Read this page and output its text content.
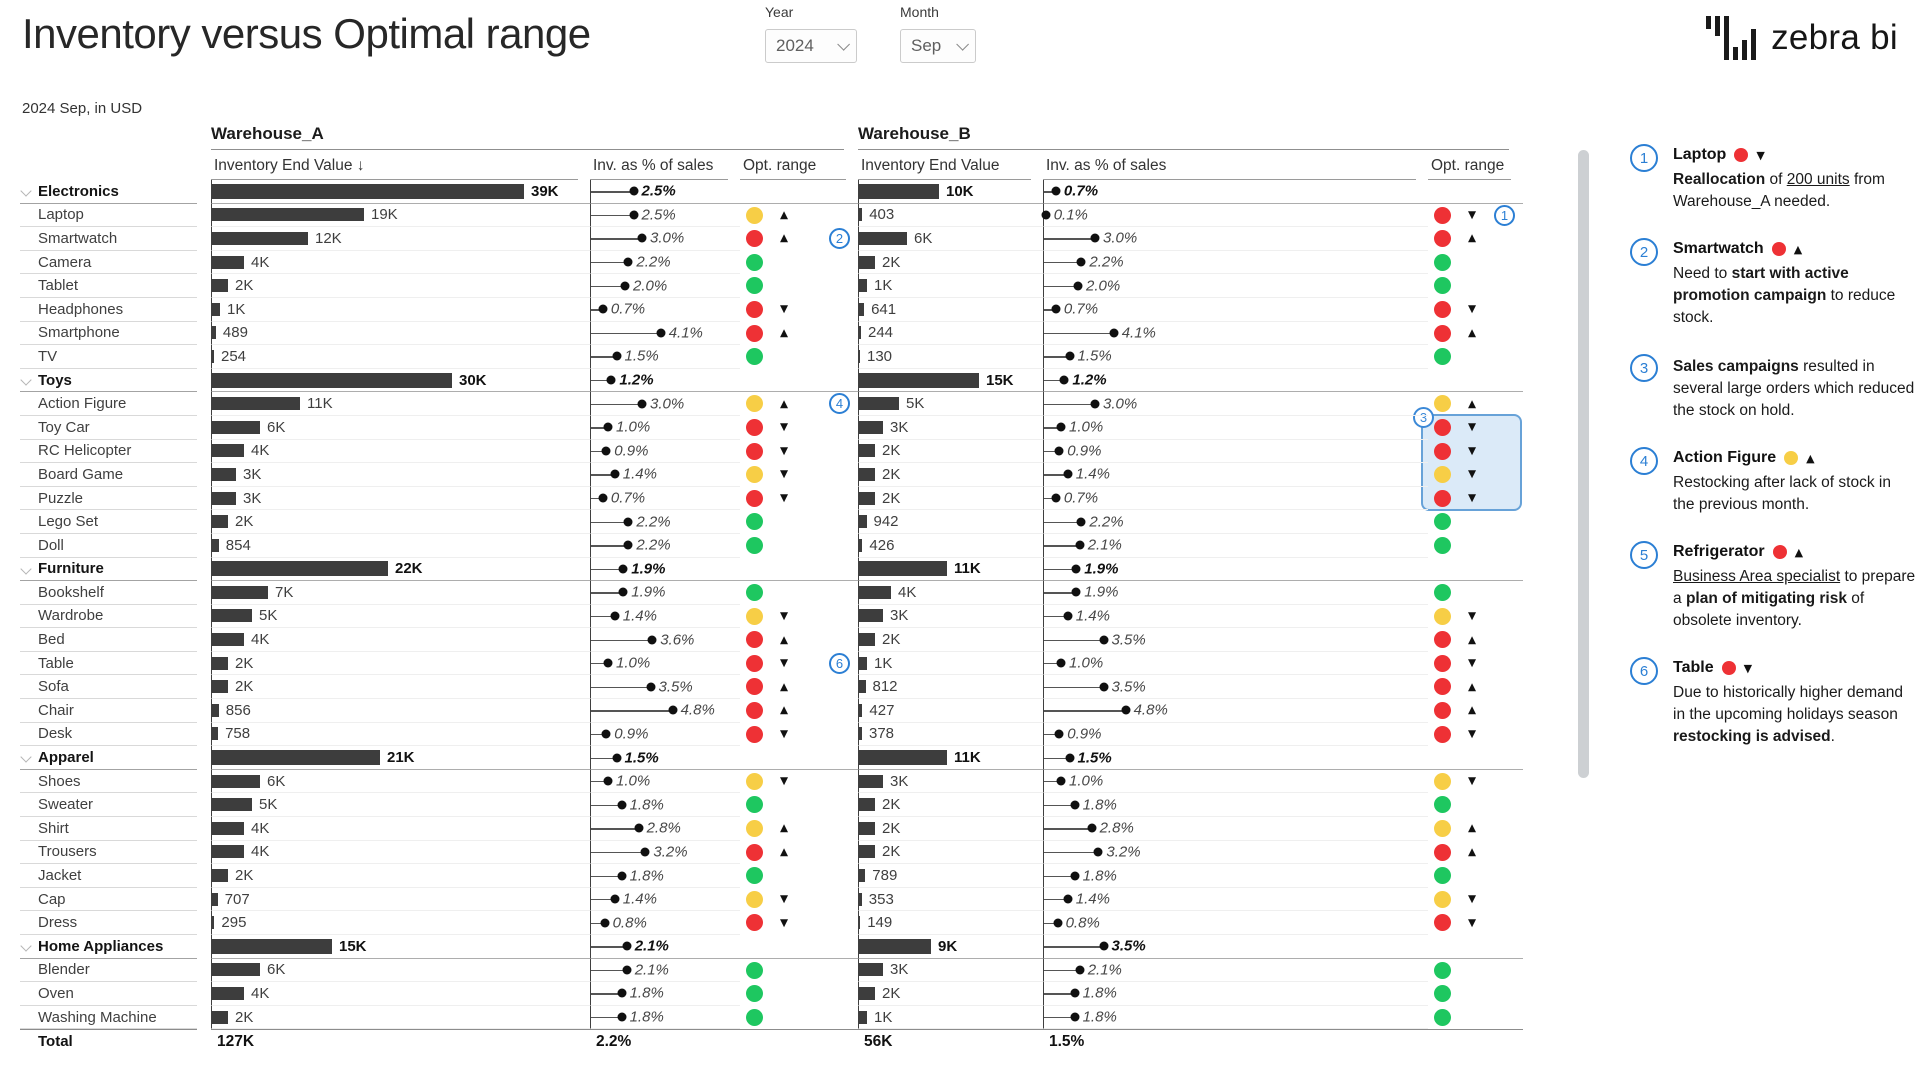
Inventory versus Optimal range
2024 Sep, in USD
Year
2024
Month
Sep	zebra bi
Warehouse_A
Inventory End Value ↓	Inv. as % of sales	Opt. range
Warehouse_B
Inventory End Value	Inv. as % of sales	Opt. range
3
Electronics	39K	2.5%	10K	0.7%
Laptop	19K	2.5%	▲	403	0.1%	▼	1
Smartwatch	12K	3.0%	▲	2	6K	3.0%	▲
Camera	4K	2.2%	2K	2.2%
Tablet	2K	2.0%	1K	2.0%
Headphones	1K	0.7%	▼	641	0.7%	▼
Smartphone	489	4.1%	▲	244	4.1%	▲
TV	254	1.5%	130	1.5%
Toys	30K	1.2%	15K	1.2%
Action Figure	11K	3.0%	▲	4	5K	3.0%	▲
Toy Car	6K	1.0%	▼	3K	1.0%	▼
RC Helicopter	4K	0.9%	▼	2K	0.9%	▼
Board Game	3K	1.4%	▼	2K	1.4%	▼
Puzzle	3K	0.7%	▼	2K	0.7%	▼
Lego Set	2K	2.2%	942	2.2%
Doll	854	2.2%	426	2.1%
Furniture	22K	1.9%	11K	1.9%
Bookshelf	7K	1.9%	4K	1.9%
Wardrobe	5K	1.4%	▼	3K	1.4%	▼
Bed	4K	3.6%	▲	2K	3.5%	▲
Table	2K	1.0%	▼	6	1K	1.0%	▼
Sofa	2K	3.5%	▲	812	3.5%	▲
Chair	856	4.8%	▲	427	4.8%	▲
Desk	758	0.9%	▼	378	0.9%	▼
Apparel	21K	1.5%	11K	1.5%
Shoes	6K	1.0%	▼	3K	1.0%	▼
Sweater	5K	1.8%	2K	1.8%
Shirt	4K	2.8%	▲	2K	2.8%	▲
Trousers	4K	3.2%	▲	2K	3.2%	▲
Jacket	2K	1.8%	789	1.8%
Cap	707	1.4%	▼	353	1.4%	▼
Dress	295	0.8%	▼	149	0.8%	▼
Home Appliances	15K	2.1%	9K	3.5%
Blender	6K	2.1%	3K	2.1%
Oven	4K	1.8%	2K	1.8%
Washing Machine	2K	1.8%	1K	1.8%
Total	127K	2.2%	56K	1.5%
1	Laptop	▼
Reallocation of 200 units from Warehouse_A needed.
2	Smartwatch	▲
Need to start with active promotion campaign to reduce stock.
3	Sales campaigns resulted in several large orders which reduced the stock on hold.
4	Action Figure	▲
Restocking after lack of stock in the previous month.
5	Refrigerator	▲
Business Area specialist to prepare a plan of mitigating risk of obsolete inventory.
6	Table	▼
Due to historically higher demand in the upcoming holidays season restocking is advised.
